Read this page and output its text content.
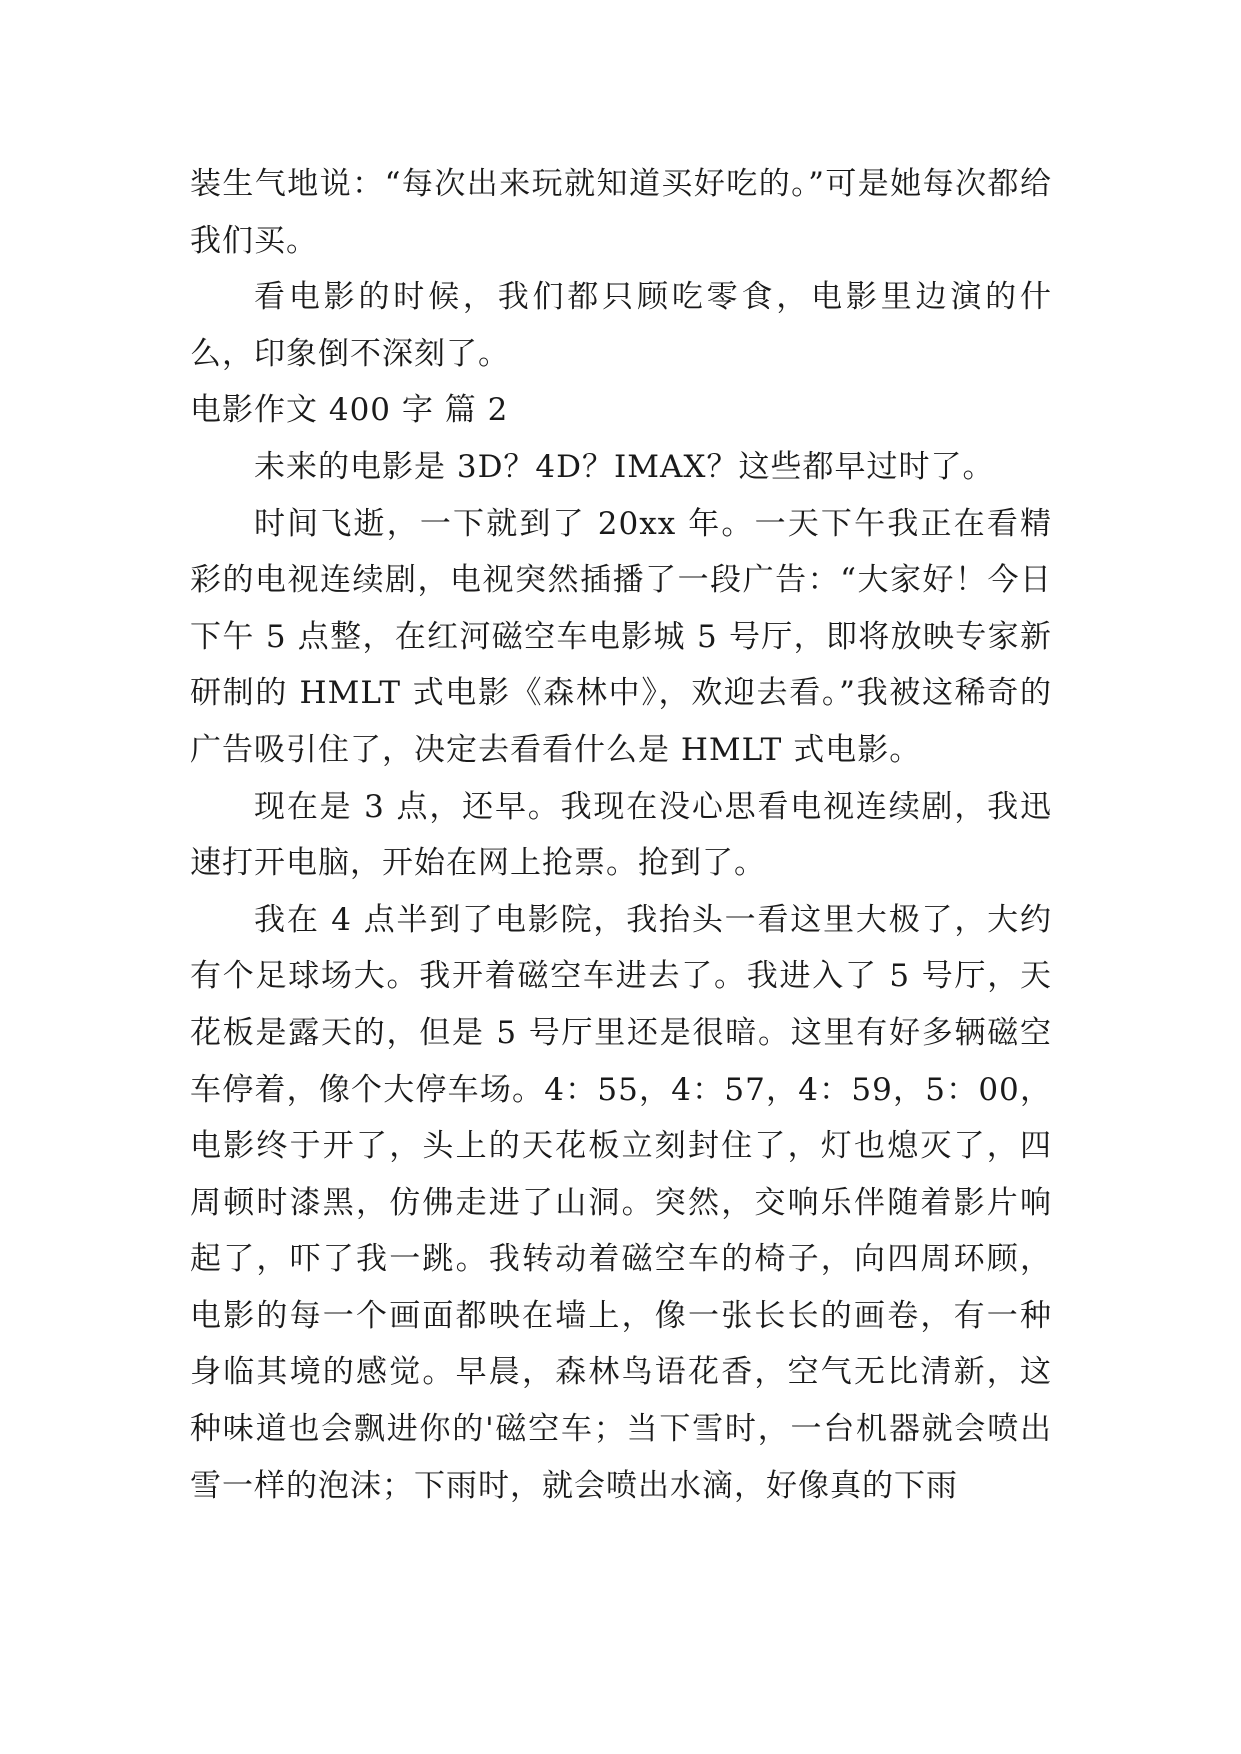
装生气地说：“每次出来玩就知道买好吃的。”可是她每次都给我们买。

看电影的时候，我们都只顾吃零食，电影里边演的什么，印象倒不深刻了。

电影作文 400 字 篇 2

未来的电影是 3D？4D？IMAX？这些都早过时了。

时间飞逝，一下就到了 20xx 年。一天下午我正在看精彩的电视连续剧，电视突然插播了一段广告：“大家好！今日下午 5 点整，在红河磁空车电影城 5 号厅，即将放映专家新研制的 HMLT 式电影《森林中》，欢迎去看。”我被这稀奇的广告吸引住了，决定去看看什么是 HMLT 式电影。

现在是 3 点，还早。我现在没心思看电视连续剧，我迅速打开电脑，开始在网上抢票。抢到了。

我在 4 点半到了电影院，我抬头一看这里大极了，大约有个足球场大。我开着磁空车进去了。我进入了 5 号厅，天花板是露天的，但是 5 号厅里还是很暗。这里有好多辆磁空车停着，像个大停车场。4：55，4：57，4：59，5：00，电影终于开了，头上的天花板立刻封住了，灯也熄灭了，四周顿时漆黑，仿佛走进了山洞。突然，交响乐伴随着影片响起了，吓了我一跳。我转动着磁空车的椅子，向四周环顾，电影的每一个画面都映在墙上，像一张长长的画卷，有一种身临其境的感觉。早晨，森林鸟语花香，空气无比清新，这种味道也会飘进你的'磁空车；当下雪时，一台机器就会喷出雪一样的泡沫；下雨时，就会喷出水滴，好像真的下雨
